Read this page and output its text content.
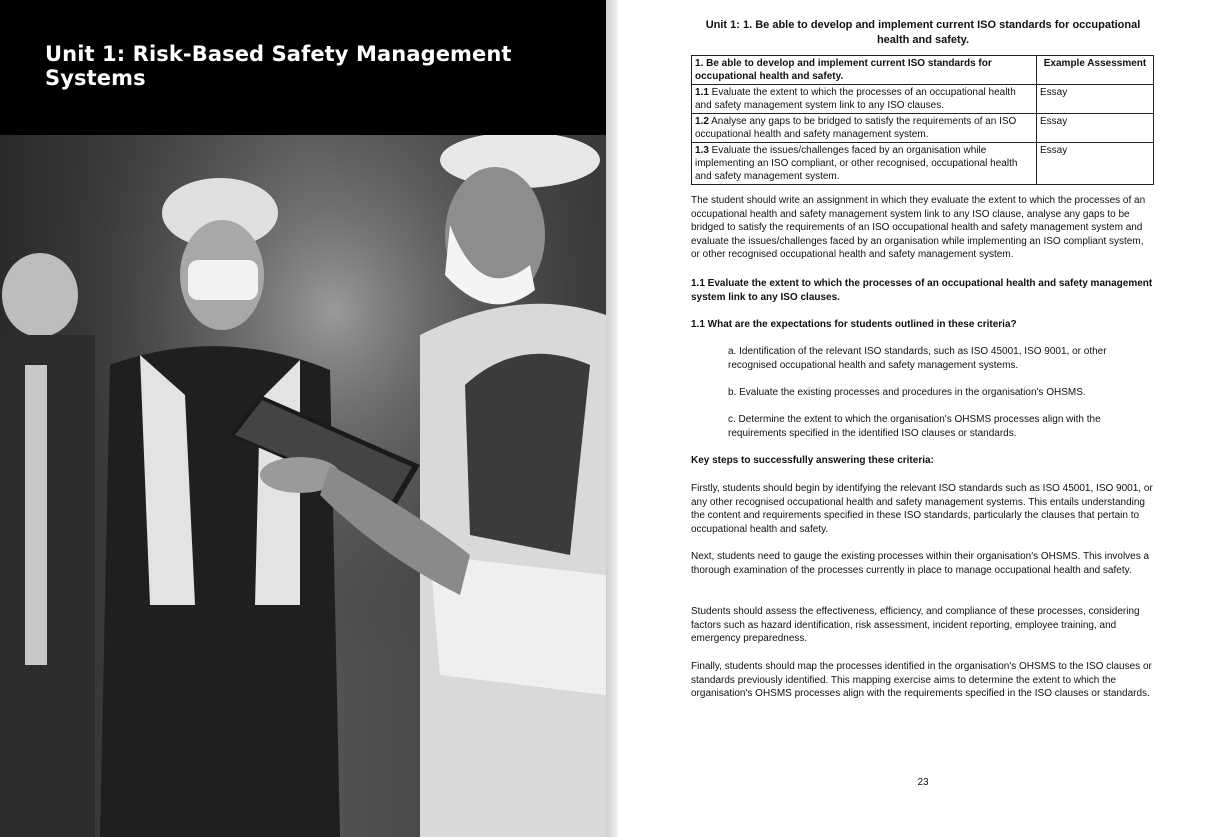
Unit 1: Risk-Based Safety Management Systems
Unit 1: 1. Be able to develop and implement current ISO standards for occupational health and safety.
1. Be able to develop and implement current ISO standards for occupational health and safety.	Example Assessment
1.1 Evaluate the extent to which the processes of an occupational health and safety management system link to any ISO clauses.	Essay
1.2 Analyse any gaps to be bridged to satisfy the requirements of an ISO occupational health and safety management system.	Essay
1.3 Evaluate the issues/challenges faced by an organisation while implementing an ISO compliant, or other recognised, occupational health and safety management system.	Essay
The student should write an assignment in which they evaluate the extent to which the processes of an occupational health and safety management system link to any ISO clause, analyse any gaps to be bridged to satisfy the requirements of an ISO occupational health and safety management system and evaluate the issues/challenges faced by an organisation while implementing an ISO compliant system, or other recognised occupational health and safety management system.
1.1 Evaluate the extent to which the processes of an occupational health and safety management system link to any ISO clauses.
1.1 What are the expectations for students outlined in these criteria?
a. Identification of the relevant ISO standards, such as ISO 45001, ISO 9001, or other recognised occupational health and safety management systems.
b. Evaluate the existing processes and procedures in the organisation's OHSMS.
c. Determine the extent to which the organisation's OHSMS processes align with the requirements specified in the identified ISO clauses or standards.
Key steps to successfully answering these criteria:
Firstly, students should begin by identifying the relevant ISO standards such as ISO 45001, ISO 9001, or any other recognised occupational health and safety management systems. This entails understanding the content and requirements specified in these ISO standards, particularly the clauses that pertain to occupational health and safety.
Next, students need to gauge the existing processes within their organisation's OHSMS. This involves a thorough examination of the processes currently in place to manage occupational health and safety.
Students should assess the effectiveness, efficiency, and compliance of these processes, considering factors such as hazard identification, risk assessment, incident reporting, employee training, and emergency preparedness.
Finally, students should map the processes identified in the organisation's OHSMS to the ISO clauses or standards previously identified. This mapping exercise aims to determine the extent to which the organisation's OHSMS processes align with the requirements specified in the ISO clauses or standards.
23
